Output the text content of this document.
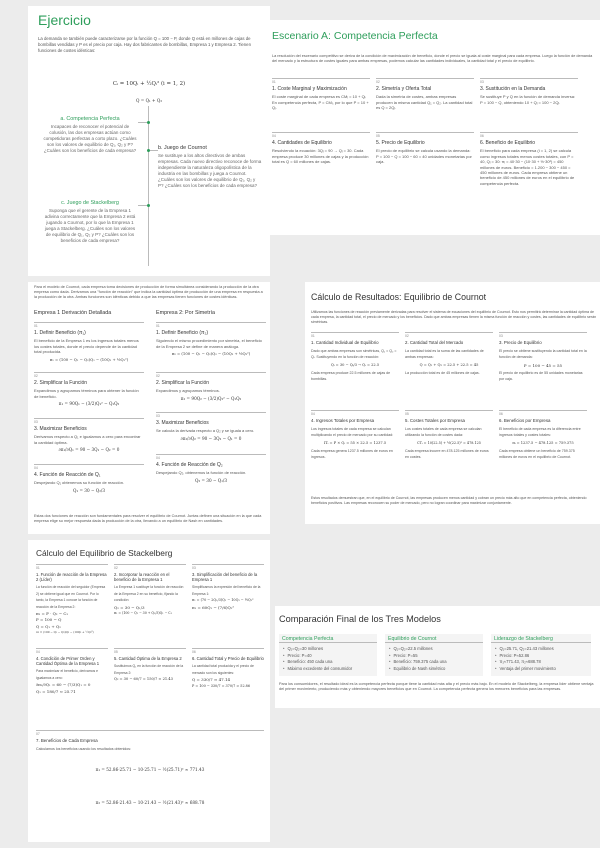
Ejercicio

La demanda se también puede caracterizarse por la función Q = 100 − P, donde Q está en millones de cajas de bombillas vendidas y P es el precio por caja. Hay dos fabricantes de bombillas, Empresa 1 y Empresa 2. Tienen funciones de costes idénticas:

Cᵢ = 10Qᵢ + ½Qᵢ² (i = 1, 2)
Q = Q₁ + Q₂
a. Competencia Perfecta
Incapaces de reconocer el potencial de colusión, las dos empresas actúan como competidoras perfectas a corto plazo. ¿Cuáles son los valores de equilibrio de Q₁, Q₂ y P? ¿Cuáles son los beneficios de cada empresa?	b. Juego de Cournot
Se sustituye a los altos directivos de ambas empresas. Cada nuevo directivo reconoce de forma independiente la naturaleza oligopolística de la industria en las bombillas y juega a Cournot. ¿Cuáles son los valores de equilibrio de Q₁, Q₂ y P? ¿Cuáles son los beneficios de cada empresa?
c. Juego de Stackelberg
Suponga que el gerente de la Empresa 1 adivina correctamente que la Empresa 2 está jugando a Cournot, por lo que la Empresa 1 juega a Stackelberg. ¿Cuáles son los valores de equilibrio de Q₁, Q₂ y P? ¿Cuáles son los beneficios de cada empresa?

Para el modelo de Cournot, cada empresa toma decisiones de producción de forma simultánea considerando la producción de la otra empresa como dada. Derivamos una "función de reacción" que indica la cantidad óptima de producción de una empresa en respuesta a la producción de la otra. Ambas funciones son idénticas debido a que las empresas tienen funciones de costes idénticas.

Empresa 1 Derivación Detallada	Empresa 2: Por Simetría
01
1. Definir Beneficio (π₁)
El beneficio de la Empresa 1 es los ingresos totales menos los costes totales, donde el precio depende de la cantidad total producida.
π₁ = (100 − Q₁ − Q₂)Q₁ − (10Q₁ + ½Q₁²)
02
2. Simplificar la Función
Expandimos y agrupamos términos para obtener la función de beneficio.
π₁ = 90Q₁ − (3/2)Q₁² − Q₁Q₂
03
3. Maximizar Beneficios
Derivamos respecto a Q₁ e igualamos a cero para encontrar la cantidad óptima.
∂π₁/∂Q₁ = 90 − 3Q₁ − Q₂ = 0
04
4. Función de Reacción de Q₁
Despejando Q₁ obtenemos su función de reacción.
Q₁ = 30 − Q₂/3
01
1. Definir Beneficio (π₂)
Siguiendo el mismo procedimiento por simetría, el beneficio de la Empresa 2 se define de manera análoga.
π₂ = (100 − Q₁ − Q₂)Q₂ − (10Q₂ + ½Q₂²)
02
2. Simplificar la Función
Expandimos y agrupamos términos.
π₂ = 90Q₂ − (3/2)Q₂² − Q₁Q₂
03
3. Maximizar Beneficios
Se calcula la derivada respecto a Q₂ y se iguala a cero.
∂π₂/∂Q₂ = 90 − 3Q₂ − Q₁ = 0
04
4. Función de Reacción de Q₂
Despejando Q₂, obtenemos la función de reacción.
Q₂ = 30 − Q₁/3

Estas dos funciones de reacción son fundamentales para resolver el equilibrio de Cournot. Juntas definen una situación en la que cada empresa elige su mejor respuesta dada la producción de la otra, llevando a un equilibrio de Nash en cantidades.

Cálculo del Equilibrio de Stackelberg
01
1. Función de reacción de la Empresa 2 (Líder)
La función de reacción del seguidor (Empresa 2) se obtiene igual que en Cournot. Por lo tanto, la Empresa 1 conoce la función de reacción de la Empresa 2:
π₂ = P · Q₂ − C₂
P = 100 − Q
Q = Q₁ + Q₂
π₂ = (100 − Q₁ − Q₂)Q₂ − (10Q₂ + ½Q₂²)
02
2. Incorporar la reacción en el beneficio de la Empresa 1
La Empresa 1 sustituye la función de reacción de la Empresa 2 en su beneficio, fijando la condición:
Q₂ = 30 − Q₁/3
π₁ = (100 − Q₁ − 30 + Q₁/3)Q₁ − C₁
03
3. Simplificación del beneficio de la Empresa 1
Simplificamos la expresión del beneficio de la Empresa 1:
π₁ = (70 − 2Q₁/3)Q₁ − 10Q₁ − ½Q₁²
π₁ = 60Q₁ − (7/6)Q₁²
04
4. Condición de Primer Orden y Cantidad Óptima de la Empresa 1
Para maximizar el beneficio, derivamos e igualamos a cero:
∂π₁/∂Q₁ = 60 − (7/3)Q₁ = 0
Q₁ = 180/7 ≈ 25.71
05
5. Cantidad Óptima de la Empresa 2
Sustituimos Q₁ en la función de reacción de la Empresa 2:
Q₂ = 30 − 60/7 = 150/7 ≈ 21.43
06
6. Cantidad Total y Precio de Equilibrio
La cantidad total producida y el precio de mercado son los siguientes:
Q = 330/7 ≈ 47.14
P = 100 − 330/7 = 370/7 ≈ 52.86
07
7. Beneficios de Cada Empresa
Calculamos los beneficios usando los resultados obtenidos:
π₁ = 52.86·25.71 − 10·25.71 − ½(25.71)² ≈ 771.43
π₂ = 52.86·21.43 − 10·21.43 − ½(21.43)² ≈ 688.78
Escenario A: Competencia Perfecta

La resolución del escenario competitivo se deriva de la condición de maximización de beneficio, donde el precio se iguala al coste marginal para cada empresa. Luego la función de demanda del mercado y la estructura de costes iguales para ambas empresas, podemos calcular las cantidades individuales, la cantidad total y el precio de equilibrio.

01
1. Coste Marginal y Maximización
El coste marginal de cada empresa es CMᵢ = 10 + Qᵢ. En competencia perfecta, P = CMᵢ, por lo que P = 10 + Qᵢ.
02
2. Simetría y Oferta Total
Dada la simetría de costes, ambas empresas producen la misma cantidad Q₁ = Q₂. La cantidad total es Q = 2Qᵢ.
03
3. Sustitución en la Demanda
Se sustituye P y Q en la función de demanda inversa: P = 100 − Q, obteniendo 10 + Qᵢ = 100 − 2Qᵢ.
04
4. Cantidades de Equilibrio
Resolviendo la ecuación: 3Qᵢ = 90 → Qᵢ = 30. Cada empresa produce 30 millones de cajas y la producción total es Q = 60 millones de cajas.
05
5. Precio de Equilibrio
El precio de equilibrio se calcula usando la demanda: P = 100 − Q = 100 − 60 = 40 unidades monetarias por caja.
06
6. Beneficio de Equilibrio
El beneficio para cada empresa (i = 1, 2) se calcula como ingresos totales menos costes totales, con P = 40, Qᵢ = 30: πᵢ = 40·30 − (10·30 + ½·30²) = 450 millones de euros. Beneficio = 1.200 − 300 − 450 = 450 millones de euros. Cada empresa obtiene un beneficio de 450 millones de euros en el equilibrio de competencia perfecta.
Cálculo de Resultados: Equilibrio de Cournot

Utilizamos las funciones de reacción previamente derivadas para resolver el sistema de ecuaciones del equilibrio de Cournot. Esto nos permitirá determinar la cantidad óptima de cada empresa, la cantidad total, el precio de mercado y los beneficios. Dado que ambas empresas tienen la misma función de reacción y costes, las cantidades de equilibrio serán simétricas.

01
1. Cantidad Individual de Equilibrio
Dado que ambas empresas son simétricas, Q₁ = Q₂ = Qᵢ. Sustituyendo en la función de reacción:
Qᵢ = 30 − Qᵢ/3 → Qᵢ = 22.5
Cada empresa produce 22.5 millones de cajas de bombillas.
02
2. Cantidad Total del Mercado
La cantidad total es la suma de las cantidades de ambas empresas:
Q = Q₁ + Q₂ = 22.5 + 22.5 = 45
La producción total es de 45 millones de cajas.
03
3. Precio de Equilibrio
El precio se obtiene sustituyendo la cantidad total en la función de demanda:
P = 100 − 45 = 55
El precio de equilibrio es de 55 unidades monetarias por caja.
04
4. Ingresos Totales por Empresa
Los ingresos totales de cada empresa se calculan multiplicando el precio de mercado por su cantidad:
ITᵢ = P × Qᵢ = 55 × 22.5 = 1237.5
Cada empresa genera 1237.5 millones de euros en ingresos.
05
5. Costes Totales por Empresa
Los costes totales de cada empresa se calculan utilizando la función de costes dada:
CTᵢ = 10(22.5) + ½(22.5)² = 478.125
Cada empresa incurre en 478.125 millones de euros en costes.
06
6. Beneficios por Empresa
El beneficio de cada empresa es la diferencia entre ingresos totales y costes totales:
πᵢ = 1237.5 − 478.125 = 759.375
Cada empresa obtiene un beneficio de 759.375 millones de euros en el equilibrio de Cournot.

Estos resultados demuestran que, en el equilibrio de Cournot, las empresas producen menos cantidad y cobran un precio más alto que en competencia perfecta, obteniendo beneficios positivos. Las empresas reconocen su poder de mercado, pero no logran coordinar para maximizar conjuntamente.

Comparación Final de los Tres Modelos
Competencia Perfecta
• Q₁=Q₂=30 millones
• Precio: P=40
• Beneficio: 450 cada una
• Máximo excedente del consumidor
Equilibrio de Cournot
• Q₁=Q₂=22.5 millones
• Precio: P=55
• Beneficio: 759.375 cada una
• Equilibrio de Nash simétrico
Liderazgo de Stackelberg
• Q₁=25.71, Q₂=21.43 millones
• Precio: P≈52.86
• π₁≈771.43, π₂≈688.78
• Ventaja del primer movimiento

Para los consumidores, el resultado ideal es la competencia perfecta porque tiene la cantidad más alta y el precio más bajo. En el modelo de Stackelberg, la empresa líder obtiene ventaja del primer movimiento, produciendo más y obteniendo mayores beneficios que en Cournot. La competencia perfecta genera los menores beneficios para las empresas.
